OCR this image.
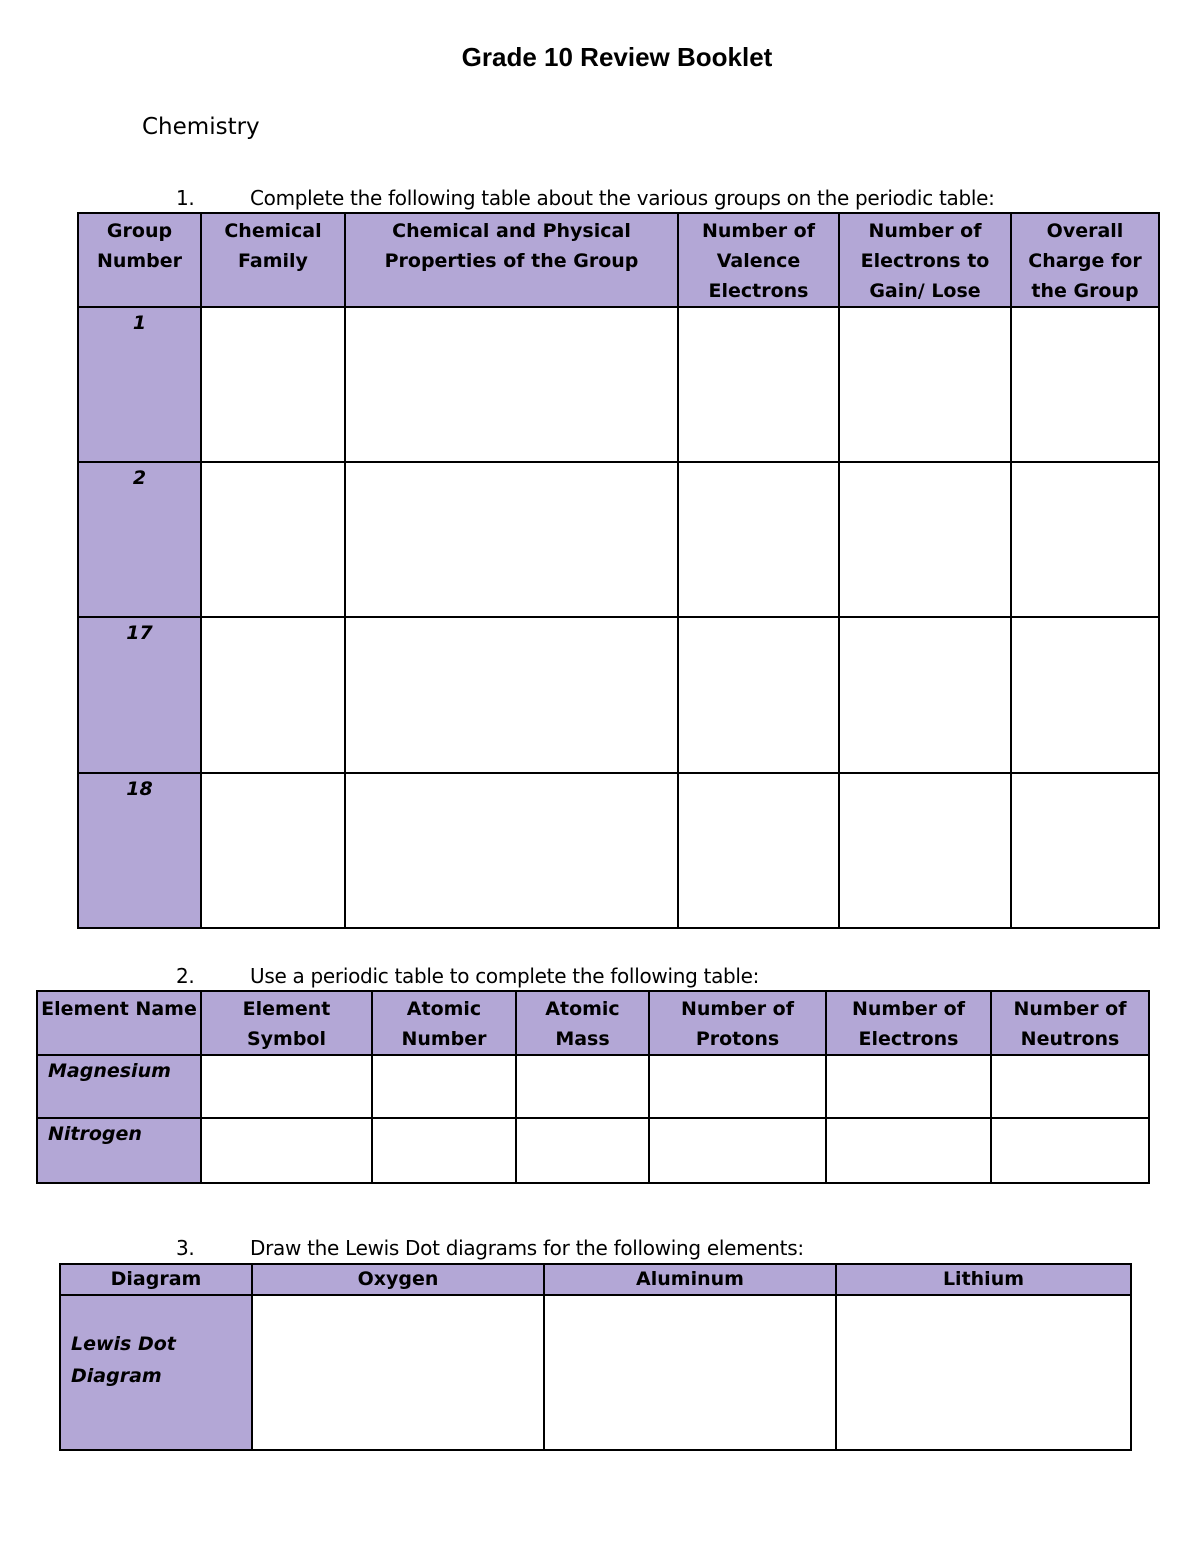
Grade 10 Review Booklet
Chemistry
1.	Complete the following table about the various groups on the periodic table:
Group Number	Chemical Family	Chemical and Physical Properties of the Group	Number of Valence Electrons	Number of Electrons to Gain/ Lose	Overall Charge for the Group
1					
2					
17					
18					
2.	Use a periodic table to complete the following table:
Element Name	Element Symbol	Atomic Number	Atomic Mass	Number of Protons	Number of Electrons	Number of Neutrons
Magnesium						
Nitrogen						
3.	Draw the Lewis Dot diagrams for the following elements:
Diagram	Oxygen	Aluminum	Lithium
Lewis Dot Diagram			
